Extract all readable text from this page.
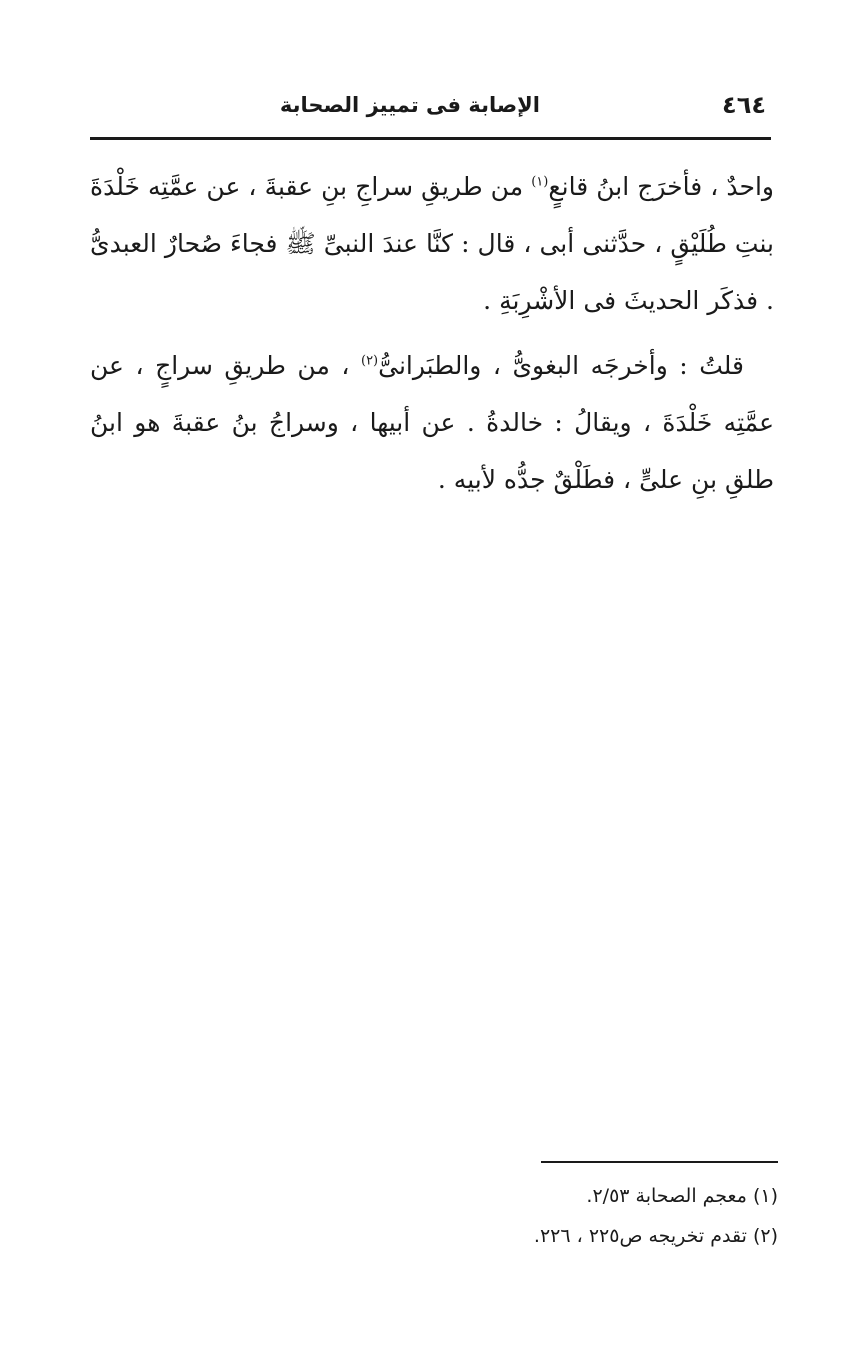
٤٦٤
الإصابة فى تمييز الصحابة

واحدٌ ، فأخرَج ابنُ قانعٍ$^{(١)}$ من طريقِ سراجِ بنِ عقبةَ ، عن عمَّتِه خَلْدَةَ بنتِ طُلَيْقٍ ، حدَّثنى أبى ، قال : كنَّا عندَ النبىِّ ﷺ فجاءَ صُحارٌ العبدىُّ . فذكَر الحديثَ فى الأشْرِبَةِ .

قلتُ : وأخرجَه البغوىُّ ، والطبَرانىُّ$^{(٢)}$ ، من طريقِ سراجٍ ، عن عمَّتِه خَلْدَةَ ، ويقالُ : خالدةُ . عن أبيها ، وسراجُ بنُ عقبةَ هو ابنُ طلقِ بنِ علىٍّ ، فطَلْقٌ جدُّه لأبيه .

(١) معجم الصحابة ٢/٥٣.

(٢) تقدم تخريجه ص٢٢٥ ، ٢٢٦.
